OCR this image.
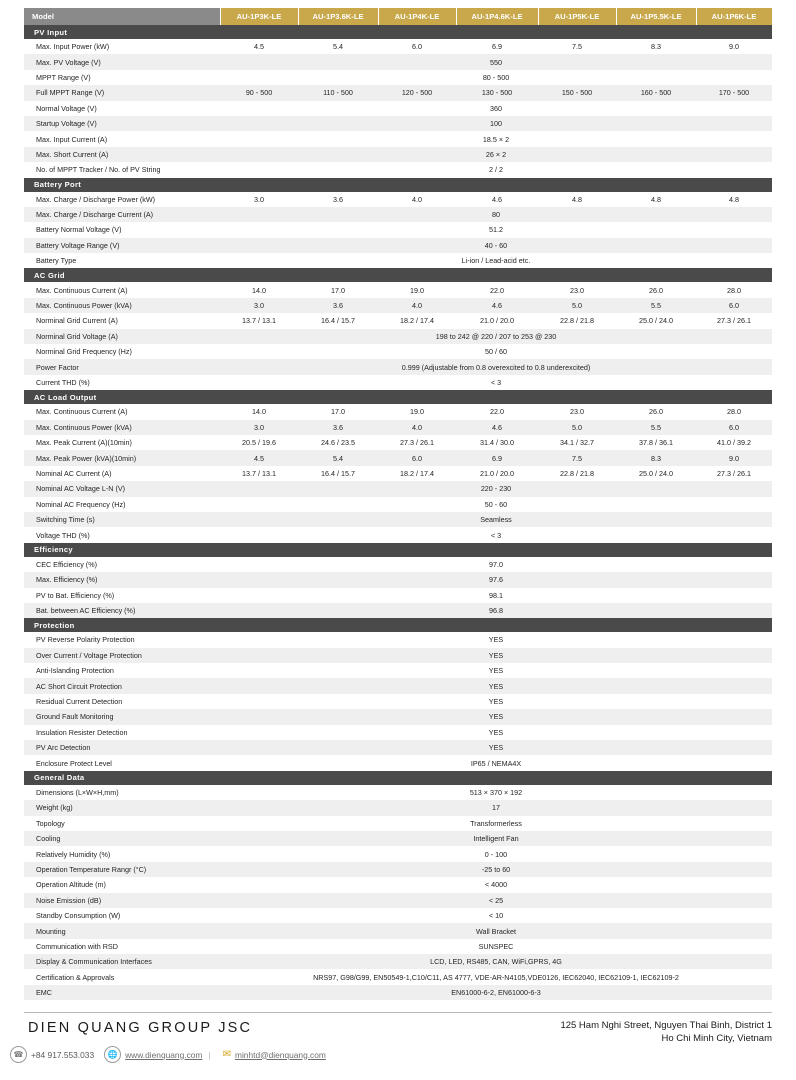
Model	AU-1P3K-LE	AU-1P3.6K-LE	AU-1P4K-LE	AU-1P4.6K-LE	AU-1P5K-LE	AU-1P5.5K-LE	AU-1P6K-LE
PV Input							
Max. Input Power (kW)	4.5	5.4	6.0	6.9	7.5	8.3	9.0
Max. PV Voltage (V)	550						
MPPT Range (V)	80 - 500						
Full MPPT Range (V)	90 - 500	110 - 500	120 - 500	130 - 500	150 - 500	160 - 500	170 - 500
Normal Voltage (V)	360						
Startup Voltage (V)	100						
Max. Input Current (A)	18.5 × 2						
Max. Short Current (A)	26 × 2						
No. of MPPT Tracker / No. of PV String	2 / 2						
Battery Port							
Max. Charge / Discharge Power (kW)	3.0	3.6	4.0	4.6	4.8	4.8	4.8
Max. Charge / Discharge Current (A)	80						
Battery Normal Voltage (V)	51.2						
Battery Voltage Range (V)	40 - 60						
Battery Type	Li-ion / Lead-acid etc.						
AC Grid							
Max. Continuous Current (A)	14.0	17.0	19.0	22.0	23.0	26.0	28.0
Max. Continuous Power (kVA)	3.0	3.6	4.0	4.6	5.0	5.5	6.0
Norminal Grid Current (A)	13.7 / 13.1	16.4 / 15.7	18.2 / 17.4	21.0 / 20.0	22.8 / 21.8	25.0 / 24.0	27.3 / 26.1
Norminal Grid Voltage (A)	198 to 242 @ 220 / 207 to 253 @ 230						
Norminal Grid Frequency (Hz)	50 / 60						
Power Factor	0.999 (Adjustable from 0.8 overexcited to 0.8 underexcited)						
Current THD (%)	< 3						
AC Load Output							
Max. Continuous Current (A)	14.0	17.0	19.0	22.0	23.0	26.0	28.0
Max. Continuous Power (kVA)	3.0	3.6	4.0	4.6	5.0	5.5	6.0
Max. Peak Current (A)(10min)	20.5 / 19.6	24.6 / 23.5	27.3 / 26.1	31.4 / 30.0	34.1 / 32.7	37.8 / 36.1	41.0 / 39.2
Max. Peak Power (kVA)(10min)	4.5	5.4	6.0	6.9	7.5	8.3	9.0
Nominal AC Current (A)	13.7 / 13.1	16.4 / 15.7	18.2 / 17.4	21.0 / 20.0	22.8 / 21.8	25.0 / 24.0	27.3 / 26.1
Nominal AC Voltage L-N (V)	220 - 230						
Nominal AC Frequency (Hz)	50 - 60						
Switching Time (s)	Seamless						
Voltage THD (%)	< 3						
Efficiency							
CEC Efficiency (%)	97.0						
Max. Efficiency (%)	97.6						
PV to Bat. Efficiency (%)	98.1						
Bat. between AC Efficiency (%)	96.8						
Protection							
PV Reverse Polarity Protection	YES						
Over Current / Voltage Protection	YES						
Anti-Islanding Protection	YES						
AC Short Circuit Protection	YES						
Residual Current Detection	YES						
Ground Fault Monitoring	YES						
Insulation Resister Detection	YES						
PV Arc Detection	YES						
Enclosure Protect Level	IP65 / NEMA4X						
General Data							
Dimensions (L×W×H,mm)	513 × 370 × 192						
Weight (kg)	17						
Topology	Transformerless						
Cooling	Intelligent Fan						
Relatively Humidity (%)	0 - 100						
Operation Temperature Rangr (°C)	-25 to 60						
Operation Altitude (m)	< 4000						
Noise Emission (dB)	< 25						
Standby Consumption (W)	< 10						
Mounting	Wall Bracket						
Communication with RSD	SUNSPEC						
Display & Communication Interfaces	LCD, LED, RS485, CAN, WiFi,GPRS, 4G						
Certification & Approvals	NRS97, G98/G99, EN50549-1,C10/C11, AS 4777, VDE-AR-N4105,VDE0126, IEC62040, IEC62109-1, IEC62109-2						
EMC	EN61000-6-2, EN61000-6-3						
DIEN QUANG GROUP JSC	125 Ham Nghi Street, Nguyen Thai Binh, District 1
Ho Chi Minh City, Vietnam
☎ +84 917.553.033	🌐 www.dienquang.com | ✉ minhtd@dienquang.com
